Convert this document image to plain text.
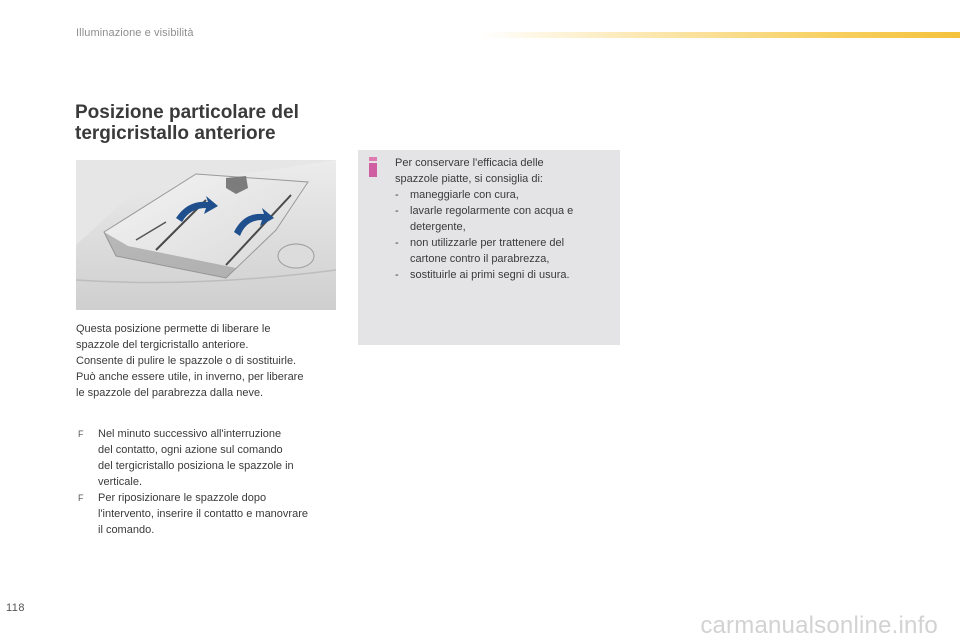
Illuminazione e visibilità
Posizione particolare del
tergicristallo anteriore
Questa posizione permette di liberare le
spazzole del tergicristallo anteriore.
Consente di pulire le spazzole o di sostituirle.
Può anche essere utile, in inverno, per liberare
le spazzole del parabrezza dalla neve.
F Nel minuto successivo all'interruzione
del contatto, ogni azione sul comando
del tergicristallo posiziona le spazzole in
verticale.
F Per riposizionare le spazzole dopo
l'intervento, inserire il contatto e manovrare
il comando.
Per conservare l'efficacia delle
spazzole piatte, si consiglia di:
- maneggiarle con cura,
- lavarle regolarmente con acqua e
detergente,
- non utilizzarle per trattenere del
cartone contro il parabrezza,
- sostituirle ai primi segni di usura.
118
carmanualsonline.info
